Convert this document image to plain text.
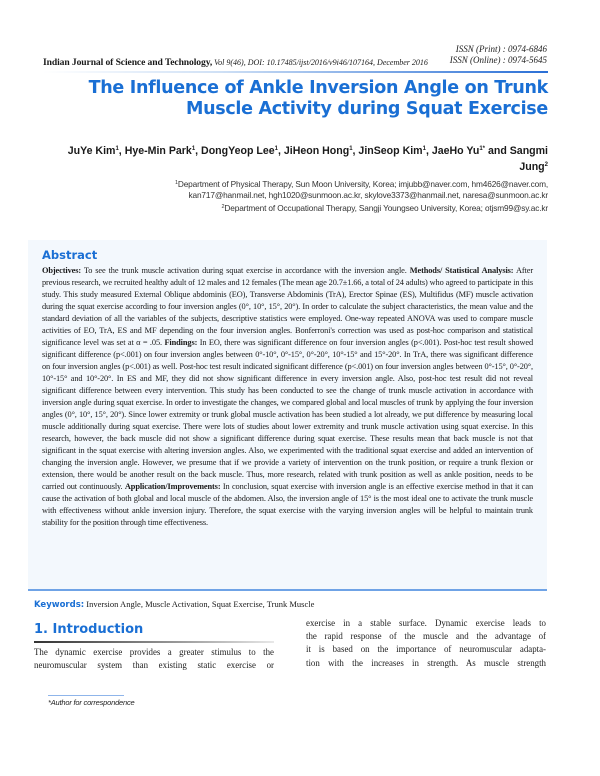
ISSN (Print) : 0974-6846
ISSN (Online) : 0974-5645
Indian Journal of Science and Technology, Vol 9(46), DOI: 10.17485/ijst/2016/v9i46/107164, December 2016
The Influence of Ankle Inversion Angle on Trunk
Muscle Activity during Squat Exercise
JuYe Kim$^1$, Hye-Min Park$^1$, DongYeop Lee$^1$, JiHeon Hong$^1$, JinSeop Kim$^1$, JaeHo $Yu^{1*}$ and Sangmi
Jung$^2$
$^1$Department of Physical Therapy, Sun Moon University, Korea; imjubb@naver.com, hm4626@naver.com,
kan717@hanmail.net, hgh1020@sunmoon.ac.kr, skylove3373@hanmail.net, naresa@sunmoon.ac.kr
$^2$Department of Occupational Therapy, Sangji Youngseo University, Korea; otjsm99@sy.ac.kr
Abstract
Objectives: To see the trunk muscle activation during squat exercise in accordance with the inversion angle. Methods/ Statistical Analysis: After previous research, we recruited healthy adult of 12 males and 12 females (The mean age 20.7±1.66, a total of 24 adults) who agreed to participate in this study. This study measured External Oblique abdominis (EO), Transverse Abdominis (TrA), Erector Spinae (ES), Multifidus (MF) muscle activation during the squat exercise according to four inversion angles (0°, 10°, 15°, 20°). In order to calculate the subject characteristics, the mean value and the standard deviation of all the variables of the subjects, descriptive statistics were employed. One-way repeated ANOVA was used to compare muscle activities of EO, TrA, ES and MF depending on the four inversion angles. Bonferroni's correction was used as post-hoc comparison and statistical significance level was set at α = .05. Findings: In EO, there was significant difference on four inversion angles (p<.001). Post-hoc test result showed significant difference (p<.001) on four inversion angles between 0°-10°, 0°-15°, 0°-20°, 10°-15° and 15°-20°. In TrA, there was significant difference on four inversion angles (p<.001) as well. Post-hoc test result indicated significant difference (p<.001) on four inversion angles between 0°-15°, 0°-20°, 10°-15° and 10°-20°. In ES and MF, they did not show significant difference in every inversion angle. Also, post-hoc test result did not reveal significant difference between every intervention. This study has been conducted to see the change of trunk muscle activation in accordance with inversion angle during squat exercise. In order to investigate the changes, we compared global and local muscles of trunk by applying the four inversion angles (0°, 10°, 15°, 20°). Since lower extremity or trunk global muscle activation has been studied a lot already, we put difference by measuring local muscle additionally during squat exercise. There were lots of studies about lower extremity and trunk muscle activation using squat exercise. In this research, however, the back muscle did not show a significant difference during squat exercise. These results mean that back muscle is not that significant in the squat exercise with altering inversion angles. Also, we experimented with the traditional squat exercise and added an intervention of changing the inversion angle. However, we presume that if we provide a variety of intervention on the trunk position, or require a trunk flexion or extension, there would be another result on the back muscle. Thus, more research, related with trunk position as well as ankle position, needs to be carried out continuously. Application/Improvements: In conclusion, squat exercise with inversion angle is an effective exercise method in that it can cause the activation of both global and local muscle of the abdomen. Also, the inversion angle of 15° is the most ideal one to activate the trunk muscle with effectiveness without ankle inversion injury. Therefore, the squat exercise with the varying inversion angles will be helpful to maintain trunk stability for the position through time effectiveness.
Keywords: Inversion Angle, Muscle Activation, Squat Exercise, Trunk Muscle
1. Introduction

The dynamic exercise provides a greater stimulus to the

neuromuscular system than existing static exercise or

exercise in a stable surface. Dynamic exercise leads to

the rapid response of the muscle and the advantage of

it is based on the importance of neuromuscular adapta-

tion with the increases in strength. As muscle strength

*Author for correspondence
